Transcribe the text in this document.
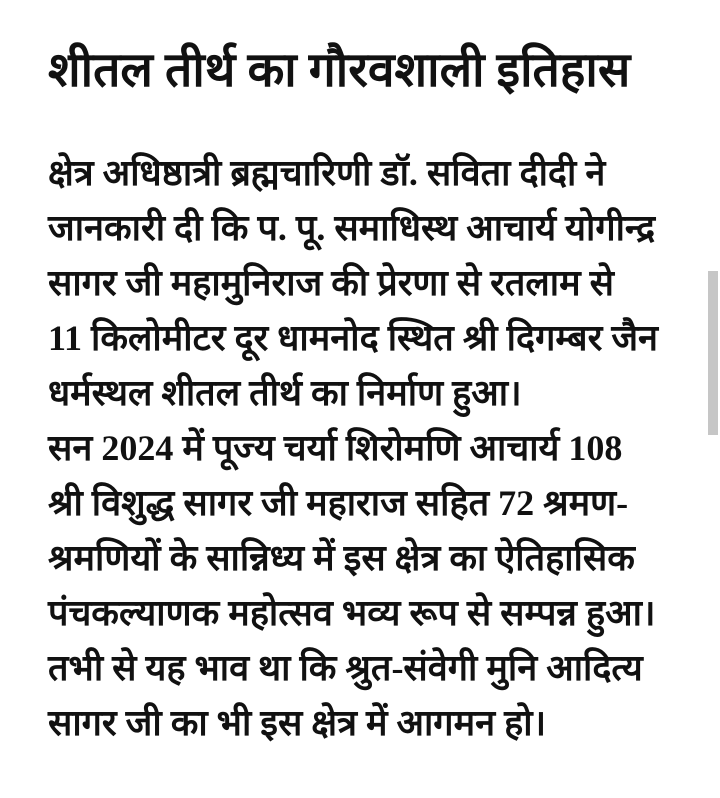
शीतल तीर्थ का गौरवशाली इतिहास
क्षेत्र अधिष्ठात्री ब्रह्मचारिणी डॉ. सविता दीदी ने
जानकारी दी कि प. पू. समाधिस्थ आचार्य योगीन्द्र
सागर जी महामुनिराज की प्रेरणा से रतलाम से
11 किलोमीटर दूर धामनोद स्थित श्री दिगम्बर जैन
धर्मस्थल शीतल तीर्थ का निर्माण हुआ।
सन 2024 में पूज्य चर्या शिरोमणि आचार्य 108
श्री विशुद्ध सागर जी महाराज सहित 72 श्रमण-
श्रमणियों के सान्निध्य में इस क्षेत्र का ऐतिहासिक
पंचकल्याणक महोत्सव भव्य रूप से सम्पन्न हुआ।
तभी से यह भाव था कि श्रुत-संवेगी मुनि आदित्य
सागर जी का भी इस क्षेत्र में आगमन हो।
